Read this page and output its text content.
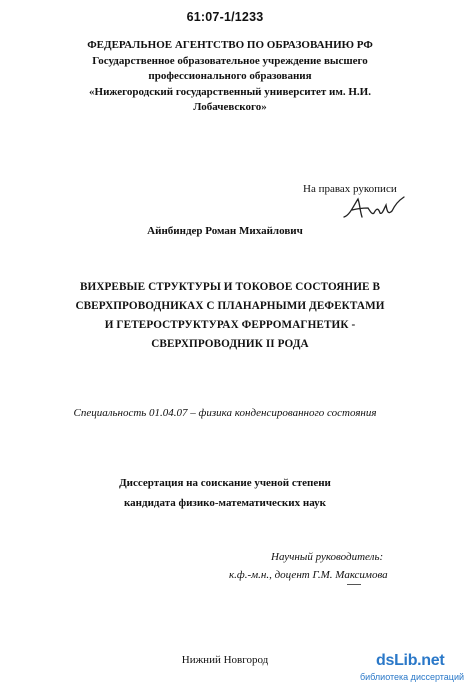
61:07-1/1233
ФЕДЕРАЛЬНОЕ АГЕНТСТВО ПО ОБРАЗОВАНИЮ РФ
Государственное образовательное учреждение высшего
профессионального образования
«Нижегородский государственный университет им. Н.И.
Лобачевского»
На правах рукописи
Айнбиндер Роман Михайлович
ВИХРЕВЫЕ СТРУКТУРЫ И ТОКОВОЕ СОСТОЯНИЕ В
СВЕРХПРОВОДНИКАХ С ПЛАНАРНЫМИ ДЕФЕКТАМИ
И ГЕТЕРОСТРУКТУРАХ ФЕРРОМАГНЕТИК -
СВЕРХПРОВОДНИК II РОДА
Специальность 01.04.07 – физика конденсированного состояния
Диссертация на соискание ученой степени
кандидата физико-математических наук
Научный руководитель:
к.ф.-м.н., доцент Г.М. Максимова
Нижний Новгород	dsLib.net
библиотека диссертаций
